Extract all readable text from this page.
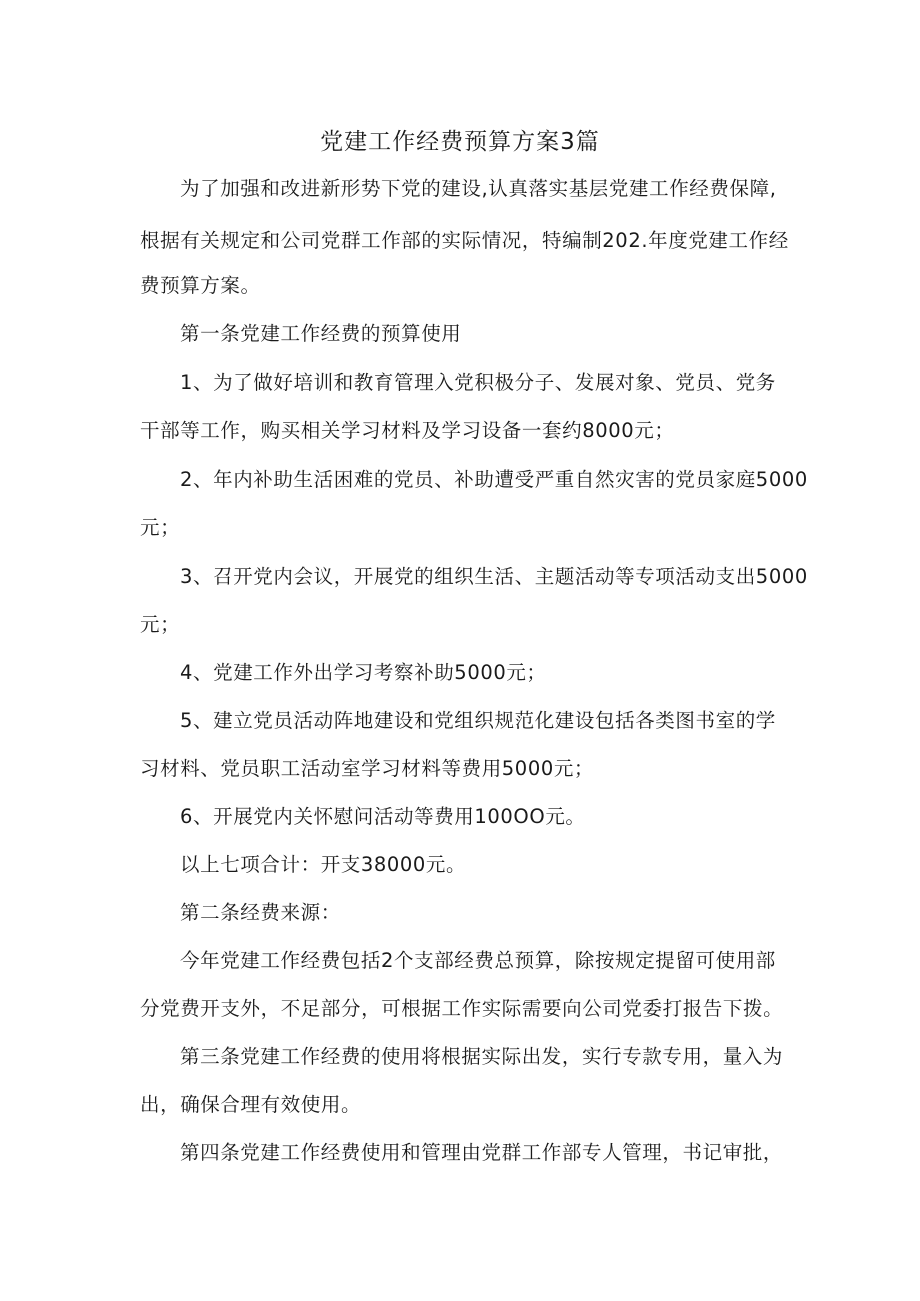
党建工作经费预算方案3篇
为了加强和改进新形势下党的建设,认真落实基层党建工作经费保障,
根据有关规定和公司党群工作部的实际情况，特编制202.年度党建工作经
费预算方案。
第一条党建工作经费的预算使用
1、为了做好培训和教育管理入党积极分子、发展对象、党员、党务
干部等工作，购买相关学习材料及学习设备一套约8000元；
2、年内补助生活困难的党员、补助遭受严重自然灾害的党员家庭5000
元；
3、召开党内会议，开展党的组织生活、主题活动等专项活动支出5000
元；
4、党建工作外出学习考察补助5000元；
5、建立党员活动阵地建设和党组织规范化建设包括各类图书室的学
习材料、党员职工活动室学习材料等费用5000元；
6、开展党内关怀慰问活动等费用100OO元。
以上七项合计：开支38000元。
第二条经费来源：
今年党建工作经费包括2个支部经费总预算，除按规定提留可使用部
分党费开支外，不足部分，可根据工作实际需要向公司党委打报告下拨。
第三条党建工作经费的使用将根据实际出发，实行专款专用，量入为
出，确保合理有效使用。
第四条党建工作经费使用和管理由党群工作部专人管理，书记审批，
